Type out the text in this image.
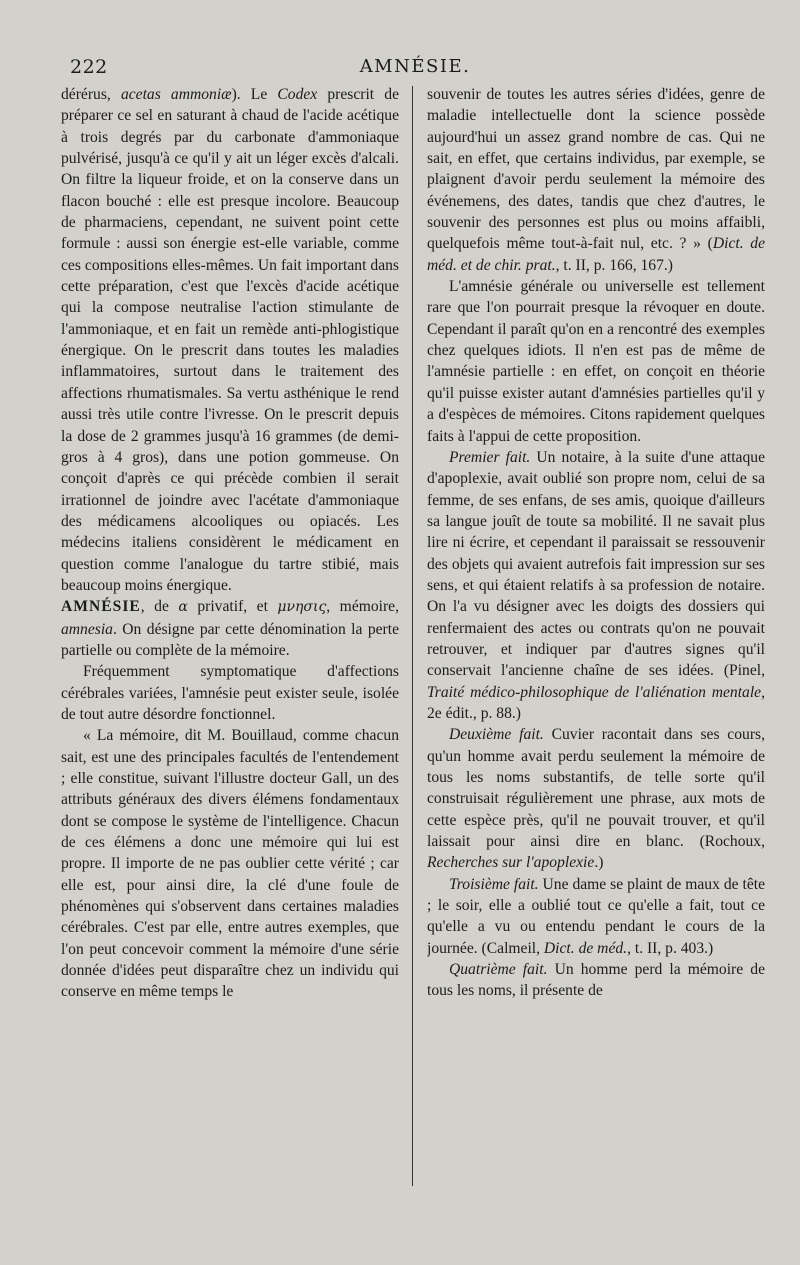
222	AMNÉSIE.

dérérus, acetas ammoniæ). Le Codex prescrit de préparer ce sel en saturant à chaud de l'acide acétique à trois degrés par du carbonate d'ammoniaque pulvérisé, jusqu'à ce qu'il y ait un léger excès d'alcali. On filtre la liqueur froide, et on la conserve dans un flacon bouché : elle est presque incolore. Beaucoup de pharmaciens, cependant, ne suivent point cette formule : aussi son énergie est-elle variable, comme ces compositions elles-mêmes. Un fait important dans cette préparation, c'est que l'excès d'acide acétique qui la compose neutralise l'action stimulante de l'ammoniaque, et en fait un remède anti-phlogistique énergique. On le prescrit dans toutes les maladies inflammatoires, surtout dans le traitement des affections rhumatismales. Sa vertu asthénique le rend aussi très utile contre l'ivresse. On le prescrit depuis la dose de 2 grammes jusqu'à 16 grammes (de demi-gros à 4 gros), dans une potion gommeuse. On conçoit d'après ce qui précède combien il serait irrationnel de joindre avec l'acétate d'ammoniaque des médicamens alcooliques ou opiacés. Les médecins italiens considèrent le médicament en question comme l'analogue du tartre stibié, mais beaucoup moins énergique.

AMNÉSIE, de α privatif, et μνησις, mémoire, amnesia. On désigne par cette dénomination la perte partielle ou complète de la mémoire.

Fréquemment symptomatique d'affections cérébrales variées, l'amnésie peut exister seule, isolée de tout autre désordre fonctionnel.

« La mémoire, dit M. Bouillaud, comme chacun sait, est une des principales facultés de l'entendement ; elle constitue, suivant l'illustre docteur Gall, un des attributs généraux des divers élémens fondamentaux dont se compose le système de l'intelligence. Chacun de ces élémens a donc une mémoire qui lui est propre. Il importe de ne pas oublier cette vérité ; car elle est, pour ainsi dire, la clé d'une foule de phénomènes qui s'observent dans certaines maladies cérébrales. C'est par elle, entre autres exemples, que l'on peut concevoir comment la mémoire d'une série donnée d'idées peut disparaître chez un individu qui conserve en même temps le

souvenir de toutes les autres séries d'idées, genre de maladie intellectuelle dont la science possède aujourd'hui un assez grand nombre de cas. Qui ne sait, en effet, que certains individus, par exemple, se plaignent d'avoir perdu seulement la mémoire des événemens, des dates, tandis que chez d'autres, le souvenir des personnes est plus ou moins affaibli, quelquefois même tout-à-fait nul, etc. ? » (Dict. de méd. et de chir. prat., t. II, p. 166, 167.)

L'amnésie générale ou universelle est tellement rare que l'on pourrait presque la révoquer en doute. Cependant il paraît qu'on en a rencontré des exemples chez quelques idiots. Il n'en est pas de même de l'amnésie partielle : en effet, on conçoit en théorie qu'il puisse exister autant d'amnésies partielles qu'il y a d'espèces de mémoires. Citons rapidement quelques faits à l'appui de cette proposition.

Premier fait. Un notaire, à la suite d'une attaque d'apoplexie, avait oublié son propre nom, celui de sa femme, de ses enfans, de ses amis, quoique d'ailleurs sa langue jouît de toute sa mobilité. Il ne savait plus lire ni écrire, et cependant il paraissait se ressouvenir des objets qui avaient autrefois fait impression sur ses sens, et qui étaient relatifs à sa profession de notaire. On l'a vu désigner avec les doigts des dossiers qui renfermaient des actes ou contrats qu'on ne pouvait retrouver, et indiquer par d'autres signes qu'il conservait l'ancienne chaîne de ses idées. (Pinel, Traité médico-philosophique de l'aliénation mentale, 2e édit., p. 88.)

Deuxième fait. Cuvier racontait dans ses cours, qu'un homme avait perdu seulement la mémoire de tous les noms substantifs, de telle sorte qu'il construisait régulièrement une phrase, aux mots de cette espèce près, qu'il ne pouvait trouver, et qu'il laissait pour ainsi dire en blanc. (Rochoux, Recherches sur l'apoplexie.)

Troisième fait. Une dame se plaint de maux de tête ; le soir, elle a oublié tout ce qu'elle a fait, tout ce qu'elle a vu ou entendu pendant le cours de la journée. (Calmeil, Dict. de méd., t. II, p. 403.)

Quatrième fait. Un homme perd la mémoire de tous les noms, il présente de
